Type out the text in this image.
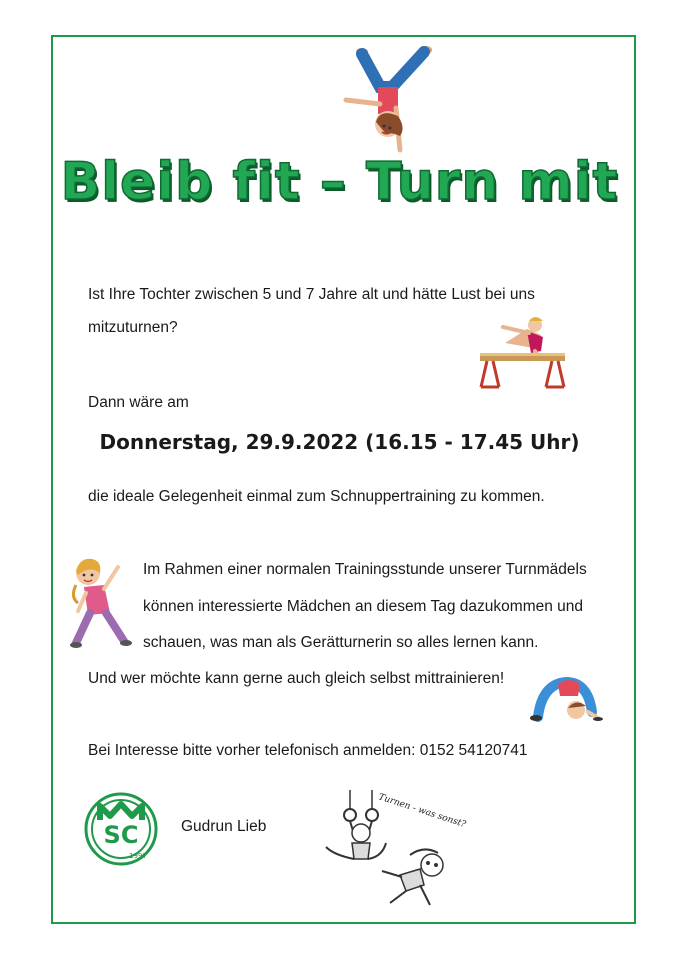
Bleib fit – Turn mit
Ist Ihre Tochter zwischen 5 und 7 Jahre alt und hätte Lust bei uns
mitzuturnen?
Dann wäre am
Donnerstag, 29.9.2022 (16.15 - 17.45 Uhr)
die ideale Gelegenheit einmal zum Schnuppertraining zu kommen.
Im Rahmen einer normalen Trainingsstunde unserer Turnmädels
können interessierte Mädchen an diesem Tag dazukommen und
schauen, was man als Gerätturnerin so alles lernen kann.
Und wer möchte kann gerne auch gleich selbst mittrainieren!
Bei Interesse bitte vorher telefonisch anmelden: 0152 54120741
SC
1997
Gudrun Lieb	Turnen - was sonst?
